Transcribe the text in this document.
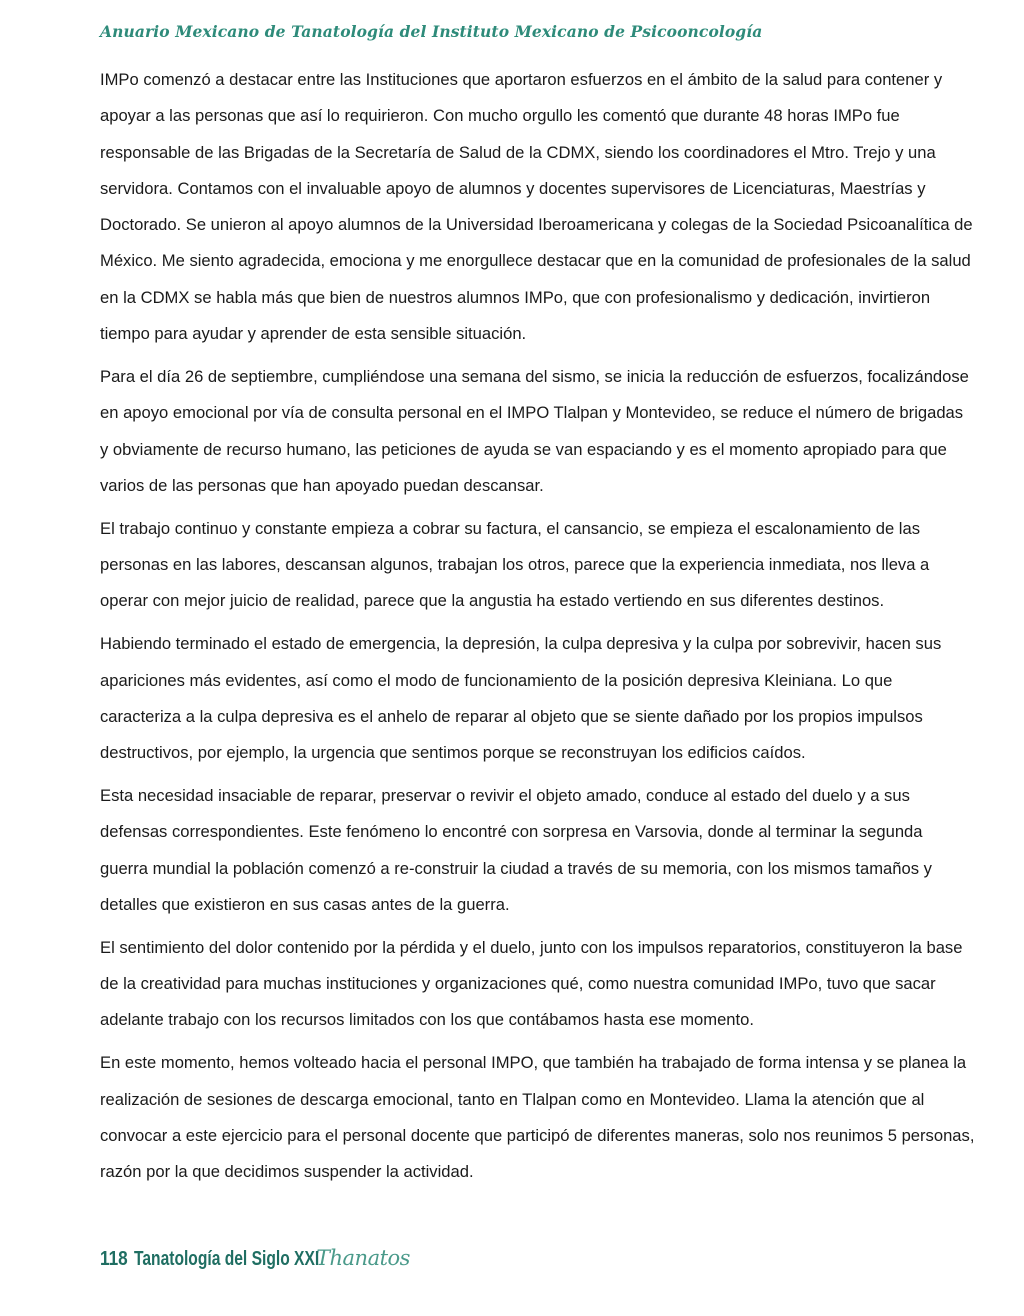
Anuario Mexicano de Tanatología del Instituto Mexicano de Psicooncología

IMPo comenzó a destacar entre las Instituciones que aportaron esfuerzos en el ámbito de la salud para contener y apoyar a las personas que así lo requirieron. Con mucho orgullo les comentó que durante 48 horas IMPo fue responsable de las Brigadas de la Secretaría de Salud de la CDMX, siendo los coordinadores el Mtro. Trejo y una servidora. Contamos con el invaluable apoyo de alumnos y docentes supervisores de Licenciaturas, Maestrías y Doctorado. Se unieron al apoyo alumnos de la Universidad Iberoamericana y colegas de la Sociedad Psicoanalítica de México. Me siento agradecida, emociona y me enorgullece destacar que en la comunidad de profesionales de la salud en la CDMX se habla más que bien de nuestros alumnos IMPo, que con profesionalismo y dedicación, invirtieron tiempo para ayudar y aprender de esta sensible situación.

Para el día 26 de septiembre, cumpliéndose una semana del sismo, se inicia la reducción de esfuerzos, focalizándose en apoyo emocional por vía de consulta personal en el IMPO Tlalpan y Montevideo, se reduce el número de brigadas y obviamente de recurso humano, las peticiones de ayuda se van espaciando y es el momento apropiado para que varios de las personas que han apoyado puedan descansar.

El trabajo continuo y constante empieza a cobrar su factura, el cansancio, se empieza el escalonamiento de las personas en las labores, descansan algunos, trabajan los otros, parece que la experiencia inmediata, nos lleva a operar con mejor juicio de realidad, parece que la angustia ha estado vertiendo en sus diferentes destinos.

Habiendo terminado el estado de emergencia, la depresión, la culpa depresiva y la culpa por sobrevivir, hacen sus apariciones más evidentes, así como el modo de funcionamiento de la posición depresiva Kleiniana. Lo que caracteriza a la culpa depresiva es el anhelo de reparar al objeto que se siente dañado por los propios impulsos destructivos, por ejemplo, la urgencia que sentimos porque se reconstruyan los edificios caídos.

Esta necesidad insaciable de reparar, preservar o revivir el objeto amado, conduce al estado del duelo y a sus defensas correspondientes. Este fenómeno lo encontré con sorpresa en Varsovia, donde al terminar la segunda guerra mundial la población comenzó a re-construir la ciudad a través de su memoria, con los mismos tamaños y detalles que existieron en sus casas antes de la guerra.

El sentimiento del dolor contenido por la pérdida y el duelo, junto con los impulsos reparatorios, constituyeron la base de la creatividad para muchas instituciones y organizaciones qué, como nuestra comunidad IMPo, tuvo que sacar adelante trabajo con los recursos limitados con los que contábamos hasta ese momento.

En este momento, hemos volteado hacia el personal IMPO, que también ha trabajado de forma intensa y se planea la realización de sesiones de descarga emocional, tanto en Tlalpan como en Montevideo. Llama la atención que al convocar a este ejercicio para el personal docente que participó de diferentes maneras, solo nos reunimos 5 personas, razón por la que decidimos suspender la actividad.

118 Tanatología del Siglo XXI
Thanatos
